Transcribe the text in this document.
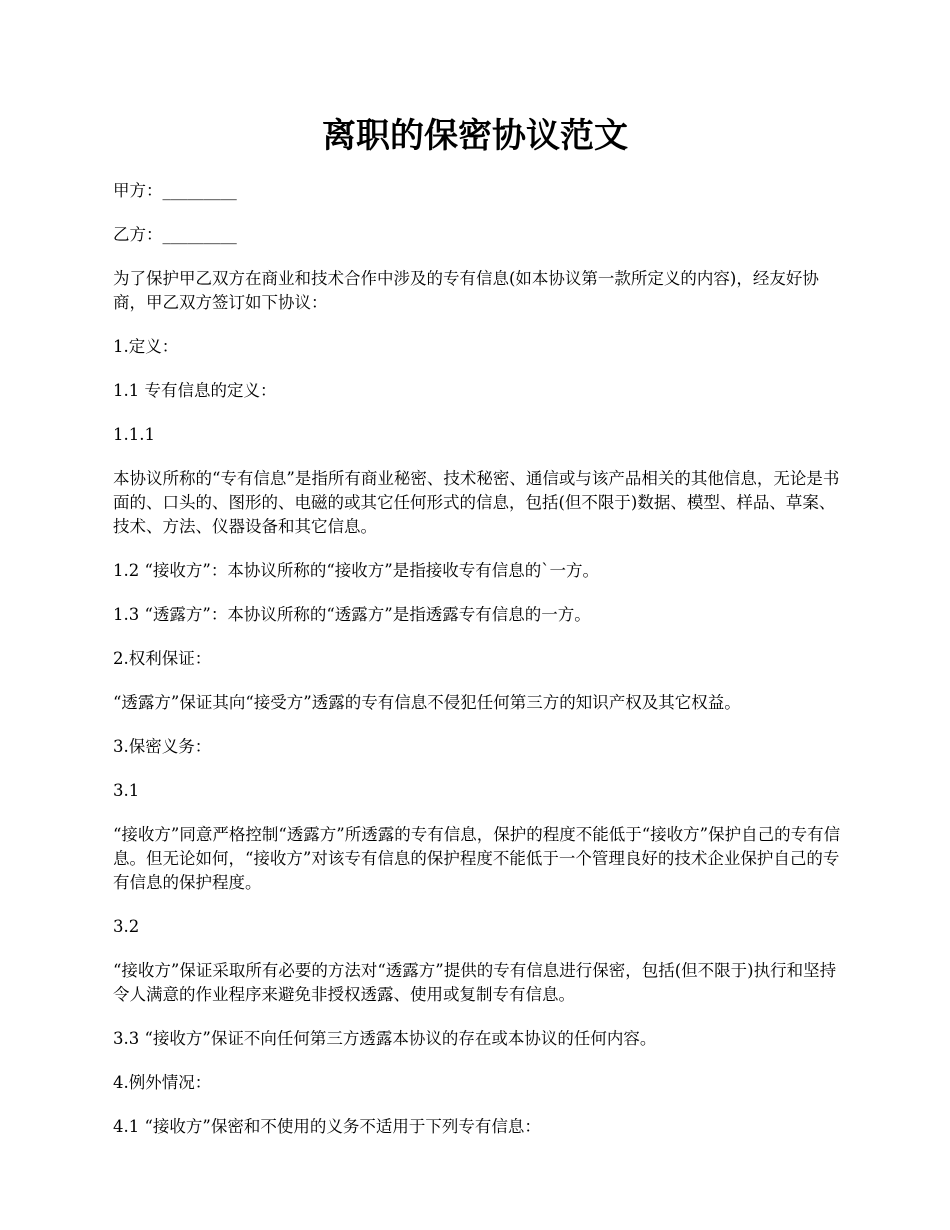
离职的保密协议范文

甲方：_________

乙方：_________

为了保护甲乙双方在商业和技术合作中涉及的专有信息(如本协议第一款所定义的内容)，经友好协商，甲乙双方签订如下协议：

1.定义：

1.1 专有信息的定义：

1.1.1

本协议所称的“专有信息”是指所有商业秘密、技术秘密、通信或与该产品相关的其他信息，无论是书面的、口头的、图形的、电磁的或其它任何形式的信息，包括(但不限于)数据、模型、样品、草案、技术、方法、仪器设备和其它信息。

1.2 “接收方”：本协议所称的“接收方”是指接收专有信息的`一方。

1.3 “透露方”：本协议所称的“透露方”是指透露专有信息的一方。

2.权利保证：

“透露方”保证其向“接受方”透露的专有信息不侵犯任何第三方的知识产权及其它权益。

3.保密义务：

3.1

“接收方”同意严格控制“透露方”所透露的专有信息，保护的程度不能低于“接收方”保护自己的专有信息。但无论如何，“接收方”对该专有信息的保护程度不能低于一个管理良好的技术企业保护自己的专有信息的保护程度。

3.2

“接收方”保证采取所有必要的方法对“透露方”提供的专有信息进行保密，包括(但不限于)执行和坚持令人满意的作业程序来避免非授权透露、使用或复制专有信息。

3.3 “接收方”保证不向任何第三方透露本协议的存在或本协议的任何内容。

4.例外情况：

4.1 “接收方”保密和不使用的义务不适用于下列专有信息：
